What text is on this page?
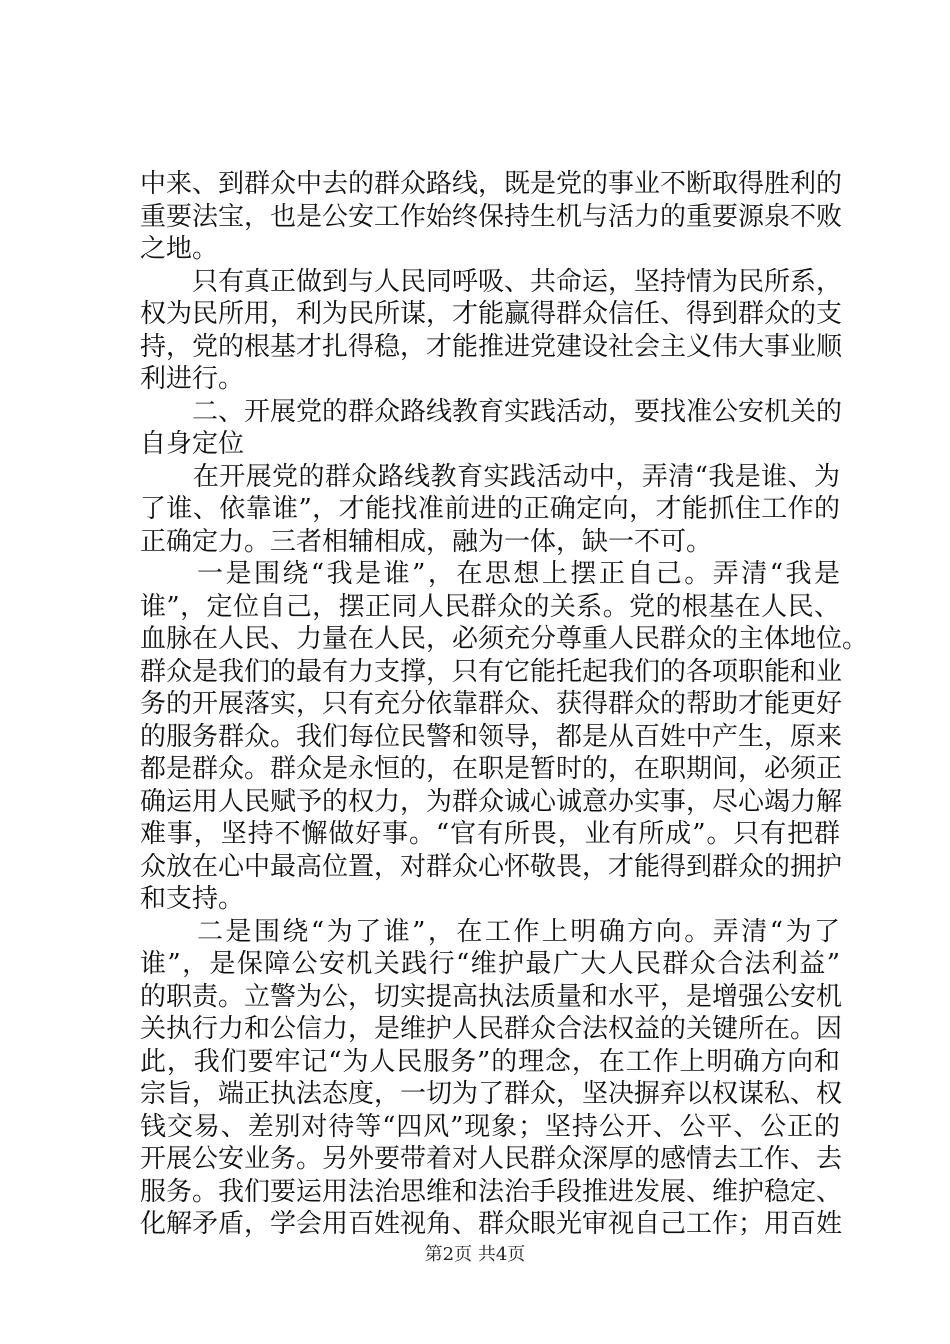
中来、到群众中去的群众路线，既是党的事业不断取得胜利的
重要法宝，也是公安工作始终保持生机与活力的重要源泉不败
之地。
　　只有真正做到与人民同呼吸、共命运，坚持情为民所系，
权为民所用，利为民所谋，才能赢得群众信任、得到群众的支
持，党的根基才扎得稳，才能推进党建设社会主义伟大事业顺
利进行。
　　二、开展党的群众路线教育实践活动，要找准公安机关的
自身定位
　　在开展党的群众路线教育实践活动中，弄清“我是谁、为
了谁、依靠谁”，才能找准前进的正确定向，才能抓住工作的
正确定力。三者相辅相成，融为一体，缺一不可。
　　一是围绕“我是谁”，在思想上摆正自己。弄清“我是
谁”，定位自己，摆正同人民群众的关系。党的根基在人民、
血脉在人民、力量在人民，必须充分尊重人民群众的主体地位。
群众是我们的最有力支撑，只有它能托起我们的各项职能和业
务的开展落实，只有充分依靠群众、获得群众的帮助才能更好
的服务群众。我们每位民警和领导，都是从百姓中产生，原来
都是群众。群众是永恒的，在职是暂时的，在职期间，必须正
确运用人民赋予的权力，为群众诚心诚意办实事，尽心竭力解
难事，坚持不懈做好事。“官有所畏，业有所成”。只有把群
众放在心中最高位置，对群众心怀敬畏，才能得到群众的拥护
和支持。
　　二是围绕“为了谁”，在工作上明确方向。弄清“为了
谁”，是保障公安机关践行“维护最广大人民群众合法利益”
的职责。立警为公，切实提高执法质量和水平，是增强公安机
关执行力和公信力，是维护人民群众合法权益的关键所在。因
此，我们要牢记“为人民服务”的理念，在工作上明确方向和
宗旨，端正执法态度，一切为了群众，坚决摒弃以权谋私、权
钱交易、差别对待等“四风”现象；坚持公开、公平、公正的
开展公安业务。另外要带着对人民群众深厚的感情去工作、去
服务。我们要运用法治思维和法治手段推进发展、维护稳定、
化解矛盾，学会用百姓视角、群众眼光审视自己工作；用百姓
第2页 共4页
